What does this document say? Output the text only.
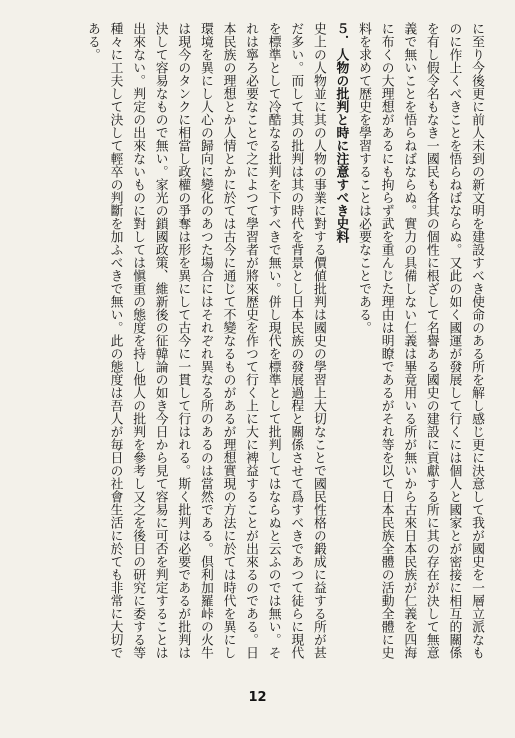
に至り今後更に前人未到の新文明を建設すべき使命のある所を解し感じ更に決意して我が國史を一層立派なものに作上くべきことを悟らねばならぬ。又此の如く國運が發展して行くには個人と國家とが密接に相互的關係を有し假令名もなき一國民も各其の個性に根ざして名譽ある國史の建設に貢獻する所に其の存在が決して無意義で無いことを悟らねばならぬ。實力の具備しない仁義は畢竟用いる所が無いから古來日本民族が仁義を四海に布くの大理想があるにも拘らず武を重んじた理由は明瞭であるがそれ等を以て日本民族全體の活動全體に史料を求めて歴史を學習することは必要なことである。

５．人物の批判と時に注意すべき史料

史上の人物並に其の人物の事業に對する價値批判は國史の學習上大切なことで國民性格の鍛成に益する所が甚だ多い。而して其の批判は其の時代を背景とし日本民族の發展過程と關係させて爲すべきであつて徒らに現代を標準として冷酷なる批判を下すべきで無い。併し現代を標準として批判してはならぬと云ふのでは無い。それは寧ろ必要なことで之によつて學習者が將來歴史を作つて行く上に大に裨益することが出來るのである。日本民族の理想とか人情とかに於ては古今に通じて不變なるものがあるが理想實現の方法に於ては時代を異にし環境を異にし人心の歸向に變化のあつた場合にはそれぞれ異なる所のあるのは當然である。倶利加羅峠の火牛は現今のタンクに相當し政權の爭奪は形を異にして古今に一貫して行はれる。斯く批判は必要であるが批判は決して容易なもので無い。家光の鎖國政策、維新後の征韓論の如き今日から見て容易に可否を判定することは出來ない。判定の出來ないものに對しては愼重の態度を持し他人の批判を參考し又之を後日の研究に委する等種々に工夫して決して輕卒の判斷を加ふべきで無い。此の態度は吾人が毎日の社會生活に於ても非常に大切である。

12
